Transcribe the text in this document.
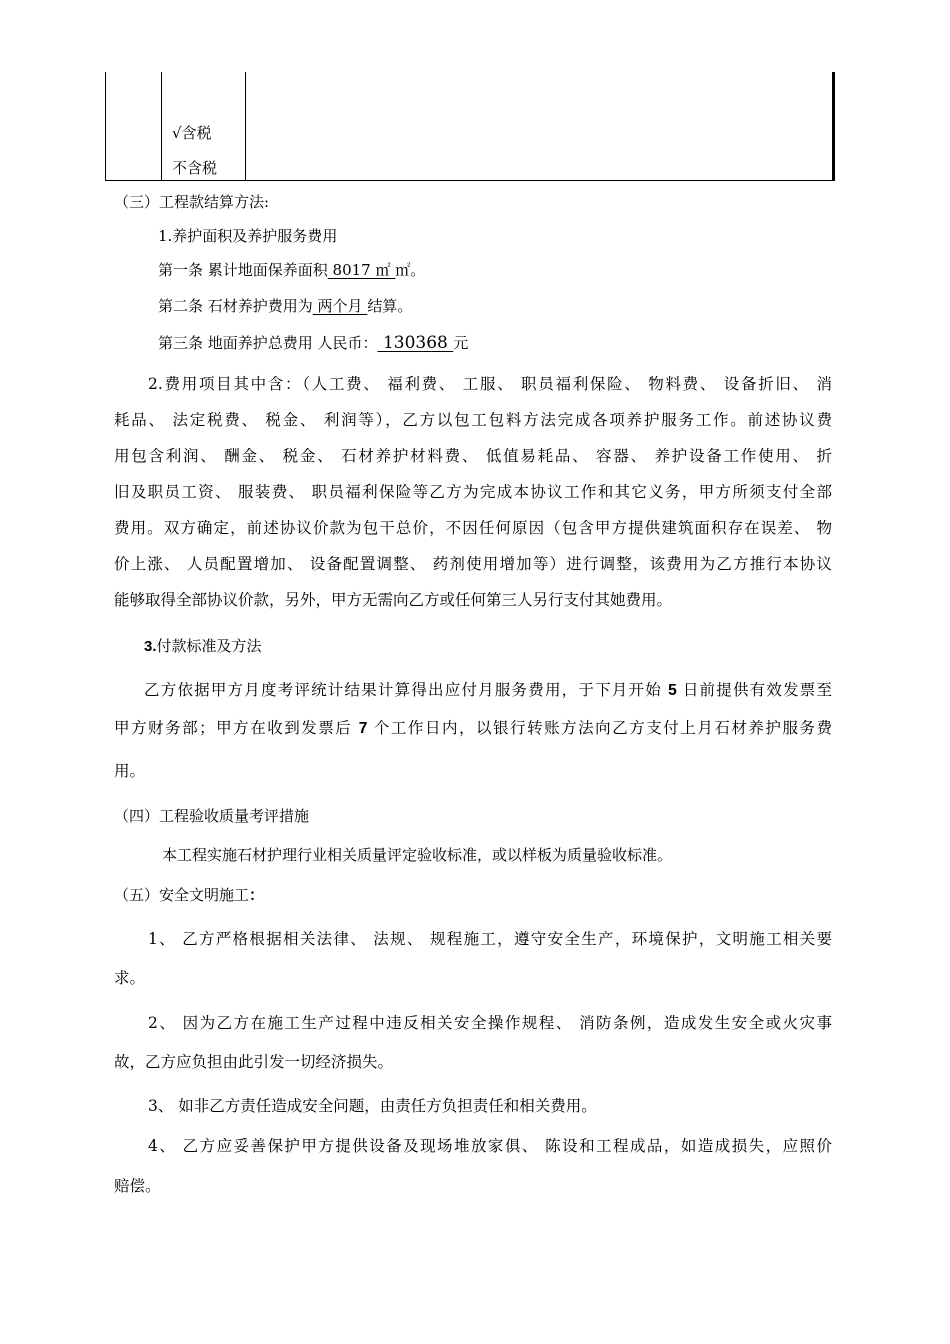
√含税
不含税
（三）工程款结算方法:
1.养护面积及养护服务费用
第一条 累计地面保养面积 8017 ㎡ ㎡。
第二条 石材养护费用为 两个月 结算。
第三条 地面养护总费用 人民币： 130368 元
2.费用项目其中含：（人工费、 福利费、 工服、 职员福利保险、 物料费、 设备折旧、 消
耗品、 法定税费、 税金、 利润等），乙方以包工包料方法完成各项养护服务工作。前述协议费
用包含利润、 酬金、 税金、 石材养护材料费、 低值易耗品、 容器、 养护设备工作使用、 折
旧及职员工资、 服装费、 职员福利保险等乙方为完成本协议工作和其它义务，甲方所须支付全部
费用。双方确定，前述协议价款为包干总价，不因任何原因（包含甲方提供建筑面积存在误差、 物
价上涨、 人员配置增加、 设备配置调整、 药剂使用增加等）进行调整，该费用为乙方推行本协议
能够取得全部协议价款，另外，甲方无需向乙方或任何第三人另行支付其她费用。
3.付款标准及方法
乙方依据甲方月度考评统计结果计算得出应付月服务费用，于下月开始 5 日前提供有效发票至
甲方财务部；甲方在收到发票后 7 个工作日内，以银行转账方法向乙方支付上月石材养护服务费
用。
（四）工程验收质量考评措施
本工程实施石材护理行业相关质量评定验收标准，或以样板为质量验收标准。
（五）安全文明施工：
1、 乙方严格根据相关法律、 法规、 规程施工，遵守安全生产，环境保护，文明施工相关要
求。
2、 因为乙方在施工生产过程中违反相关安全操作规程、 消防条例，造成发生安全或火灾事
故，乙方应负担由此引发一切经济损失。
3、 如非乙方责任造成安全问题，由责任方负担责任和相关费用。
4、 乙方应妥善保护甲方提供设备及现场堆放家俱、 陈设和工程成品，如造成损失，应照价
赔偿。
